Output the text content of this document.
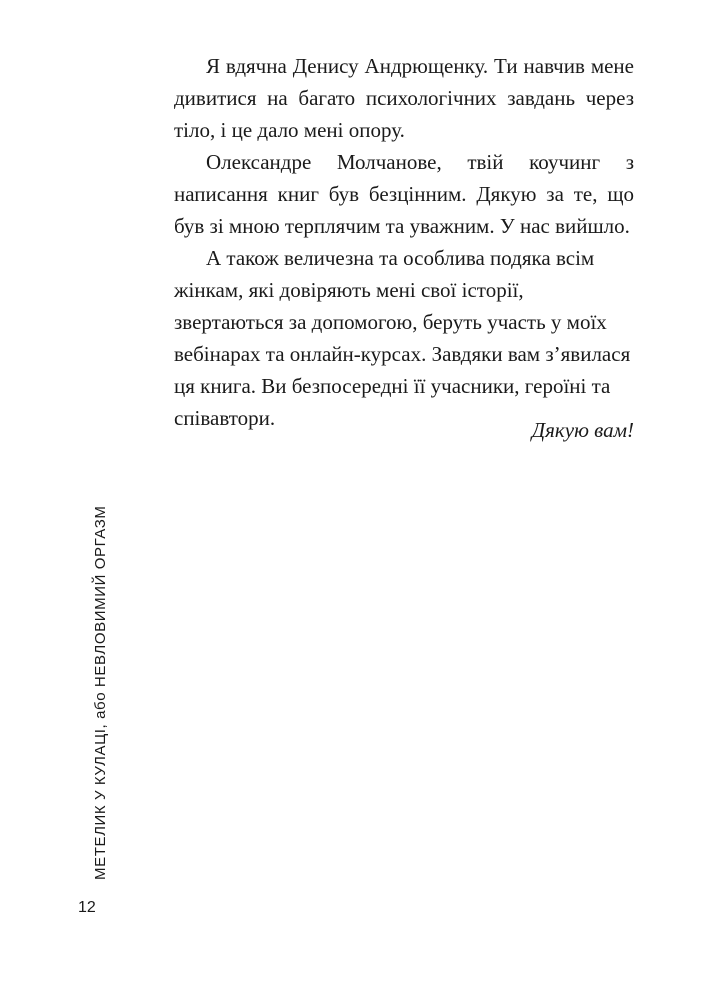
Я вдячна Денису Андрющенку. Ти навчив мене дивитися на багато психологічних завдань через тіло, і це дало мені опору.

Олександре Молчанове, твій коучинг з написання книг був безцінним. Дякую за те, що був зі мною терплячим та уважним. У нас вийшло.

А також величезна та особлива подяка всім жінкам, які довіряють мені свої історії, звертаються за допомогою, беруть участь у моїх вебінарах та онлайн-курсах. Завдяки вам з’явилася ця книга. Ви безпосередні її учасники, героїні та співавтори.	Дякую вам!
МЕТЕЛИК У КУЛАЦІ, або НЕВЛОВИМИЙ ОРГАЗМ
12
